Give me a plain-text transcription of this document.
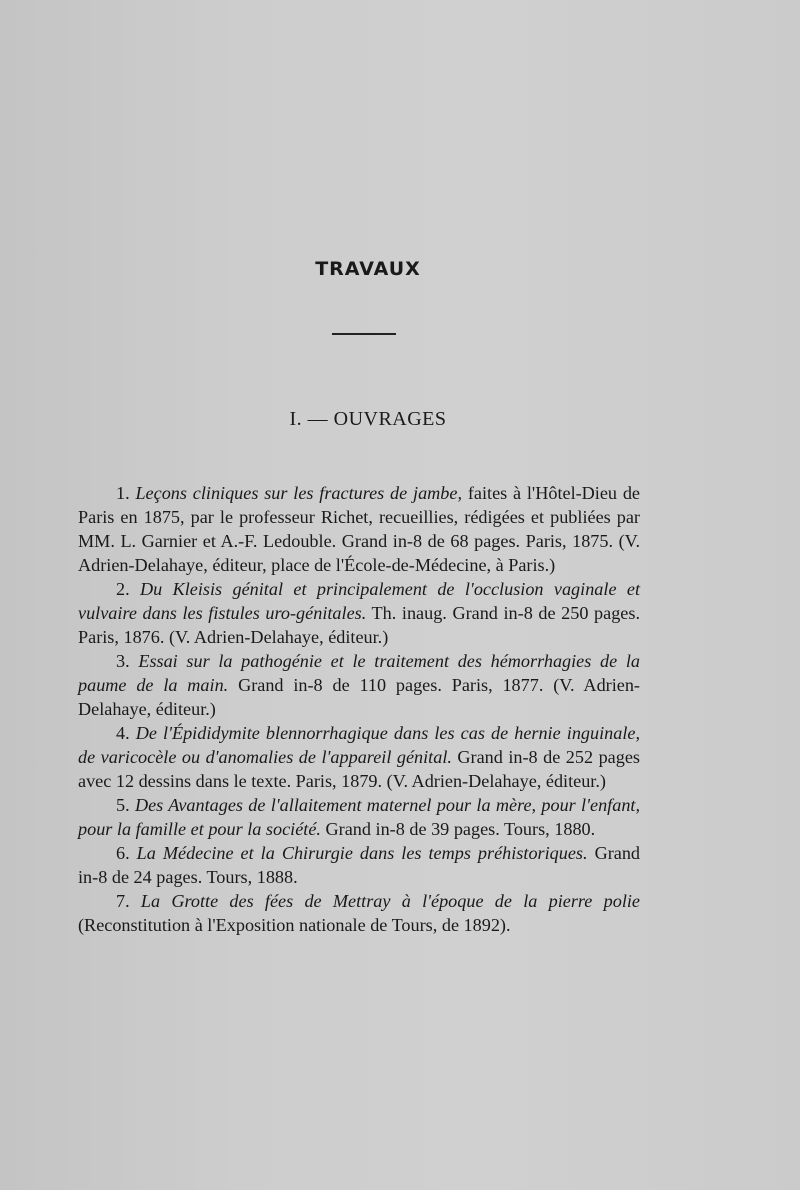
TRAVAUX
I. — OUVRAGES

1. Leçons cliniques sur les fractures de jambe, faites à l'Hôtel-Dieu de Paris en 1875, par le professeur Richet, recueillies, rédigées et publiées par MM. L. Garnier et A.-F. Ledouble. Grand in-8 de 68 pages. Paris, 1875. (V. Adrien-Delahaye, éditeur, place de l'École-de-Médecine, à Paris.)

2. Du Kleisis génital et principalement de l'occlusion vaginale et vulvaire dans les fistules uro-génitales. Th. inaug. Grand in-8 de 250 pages. Paris, 1876. (V. Adrien-Delahaye, éditeur.)

3. Essai sur la pathogénie et le traitement des hémorrhagies de la paume de la main. Grand in-8 de 110 pages. Paris, 1877. (V. Adrien-Delahaye, éditeur.)

4. De l'Épididymite blennorrhagique dans les cas de hernie inguinale, de varicocèle ou d'anomalies de l'appareil génital. Grand in-8 de 252 pages avec 12 dessins dans le texte. Paris, 1879. (V. Adrien-Delahaye, éditeur.)

5. Des Avantages de l'allaitement maternel pour la mère, pour l'enfant, pour la famille et pour la société. Grand in-8 de 39 pages. Tours, 1880.

6. La Médecine et la Chirurgie dans les temps préhistoriques. Grand in-8 de 24 pages. Tours, 1888.

7. La Grotte des fées de Mettray à l'époque de la pierre polie (Reconstitution à l'Exposition nationale de Tours, de 1892).
